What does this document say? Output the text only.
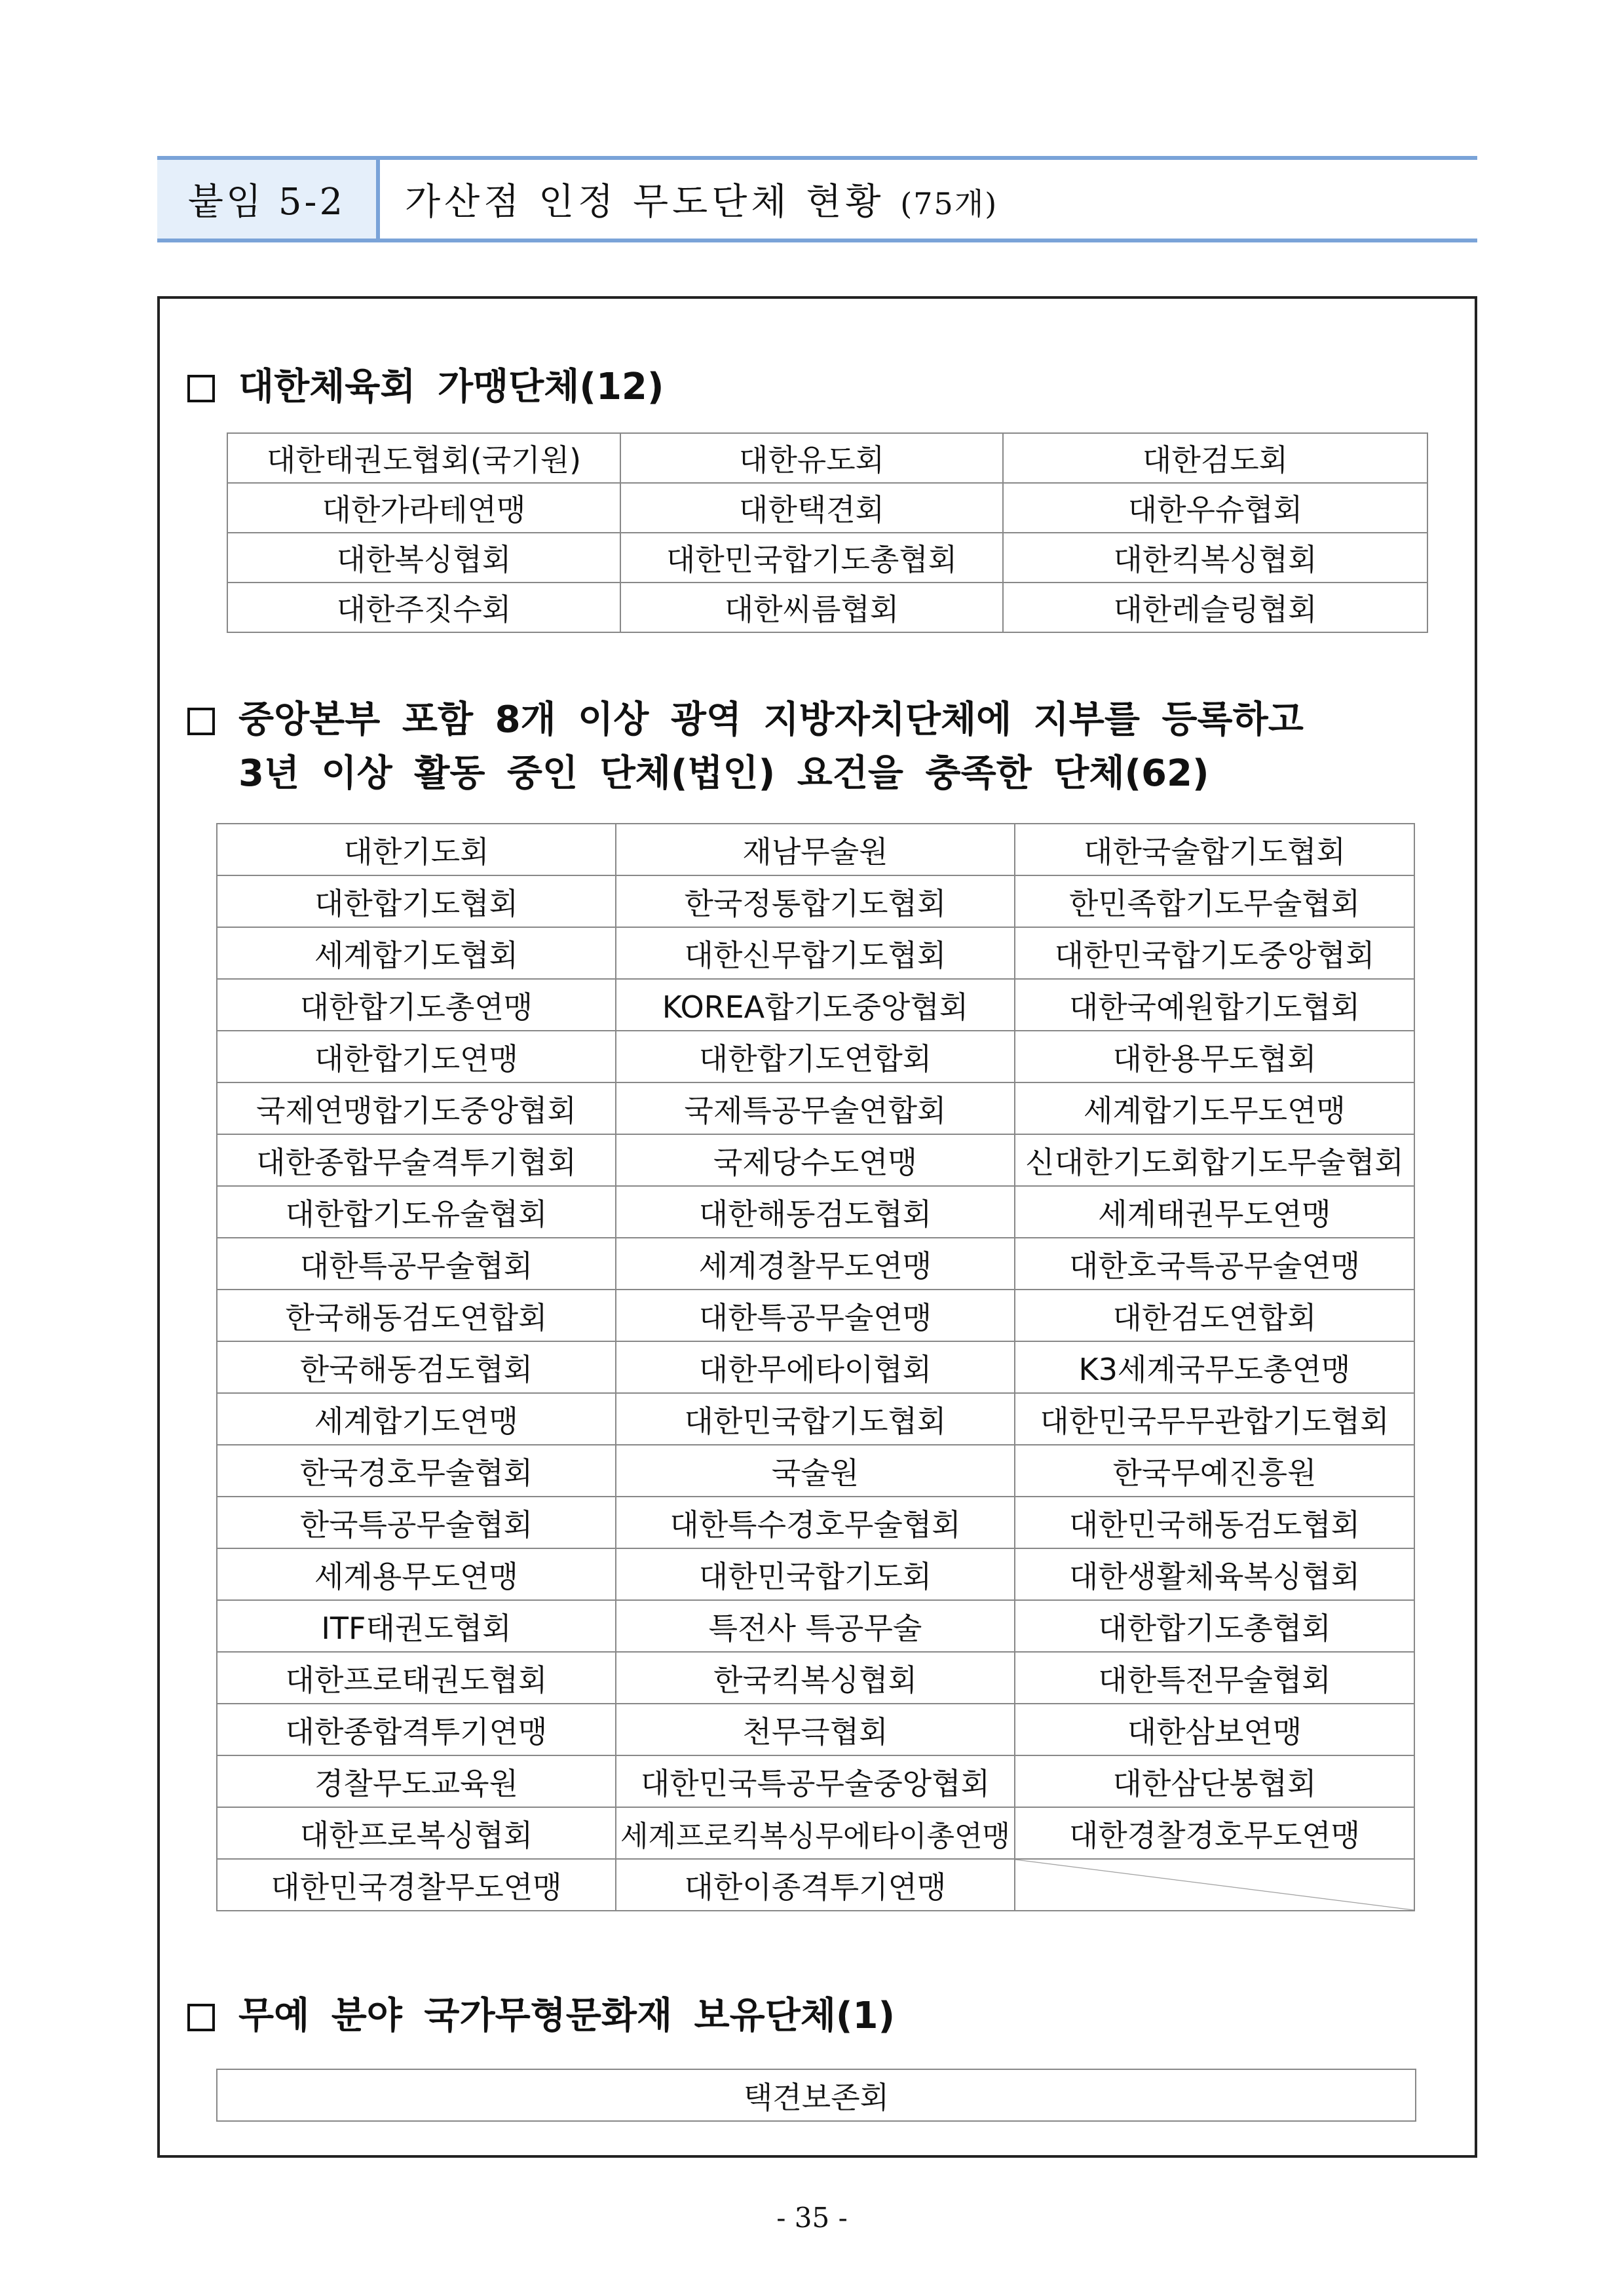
붙임 5-2	가산점 인정 무도단체 현황 (75개)
대한체육회 가맹단체(12)
대한태권도협회(국기원)	대한유도회	대한검도회
대한가라테연맹	대한택견회	대한우슈협회
대한복싱협회	대한민국합기도총협회	대한킥복싱협회
대한주짓수회	대한씨름협회	대한레슬링협회
중앙본부 포함 8개 이상 광역 지방자치단체에 지부를 등록하고
3년 이상 활동 중인 단체(법인) 요건을 충족한 단체(62)
대한기도회	재남무술원	대한국술합기도협회
대한합기도협회	한국정통합기도협회	한민족합기도무술협회
세계합기도협회	대한신무합기도협회	대한민국합기도중앙협회
대한합기도총연맹	KOREA합기도중앙협회	대한국예원합기도협회
대한합기도연맹	대한합기도연합회	대한용무도협회
국제연맹합기도중앙협회	국제특공무술연합회	세계합기도무도연맹
대한종합무술격투기협회	국제당수도연맹	신대한기도회합기도무술협회
대한합기도유술협회	대한해동검도협회	세계태권무도연맹
대한특공무술협회	세계경찰무도연맹	대한호국특공무술연맹
한국해동검도연합회	대한특공무술연맹	대한검도연합회
한국해동검도협회	대한무에타이협회	K3세계국무도총연맹
세계합기도연맹	대한민국합기도협회	대한민국무무관합기도협회
한국경호무술협회	국술원	한국무예진흥원
한국특공무술협회	대한특수경호무술협회	대한민국해동검도협회
세계용무도연맹	대한민국합기도회	대한생활체육복싱협회
ITF태권도협회	특전사 특공무술	대한합기도총협회
대한프로태권도협회	한국킥복싱협회	대한특전무술협회
대한종합격투기연맹	천무극협회	대한삼보연맹
경찰무도교육원	대한민국특공무술중앙협회	대한삼단봉협회
대한프로복싱협회	세계프로킥복싱무에타이총연맹	대한경찰경호무도연맹
대한민국경찰무도연맹	대한이종격투기연맹	
무예 분야 국가무형문화재 보유단체(1)
택견보존회
- 35 -
